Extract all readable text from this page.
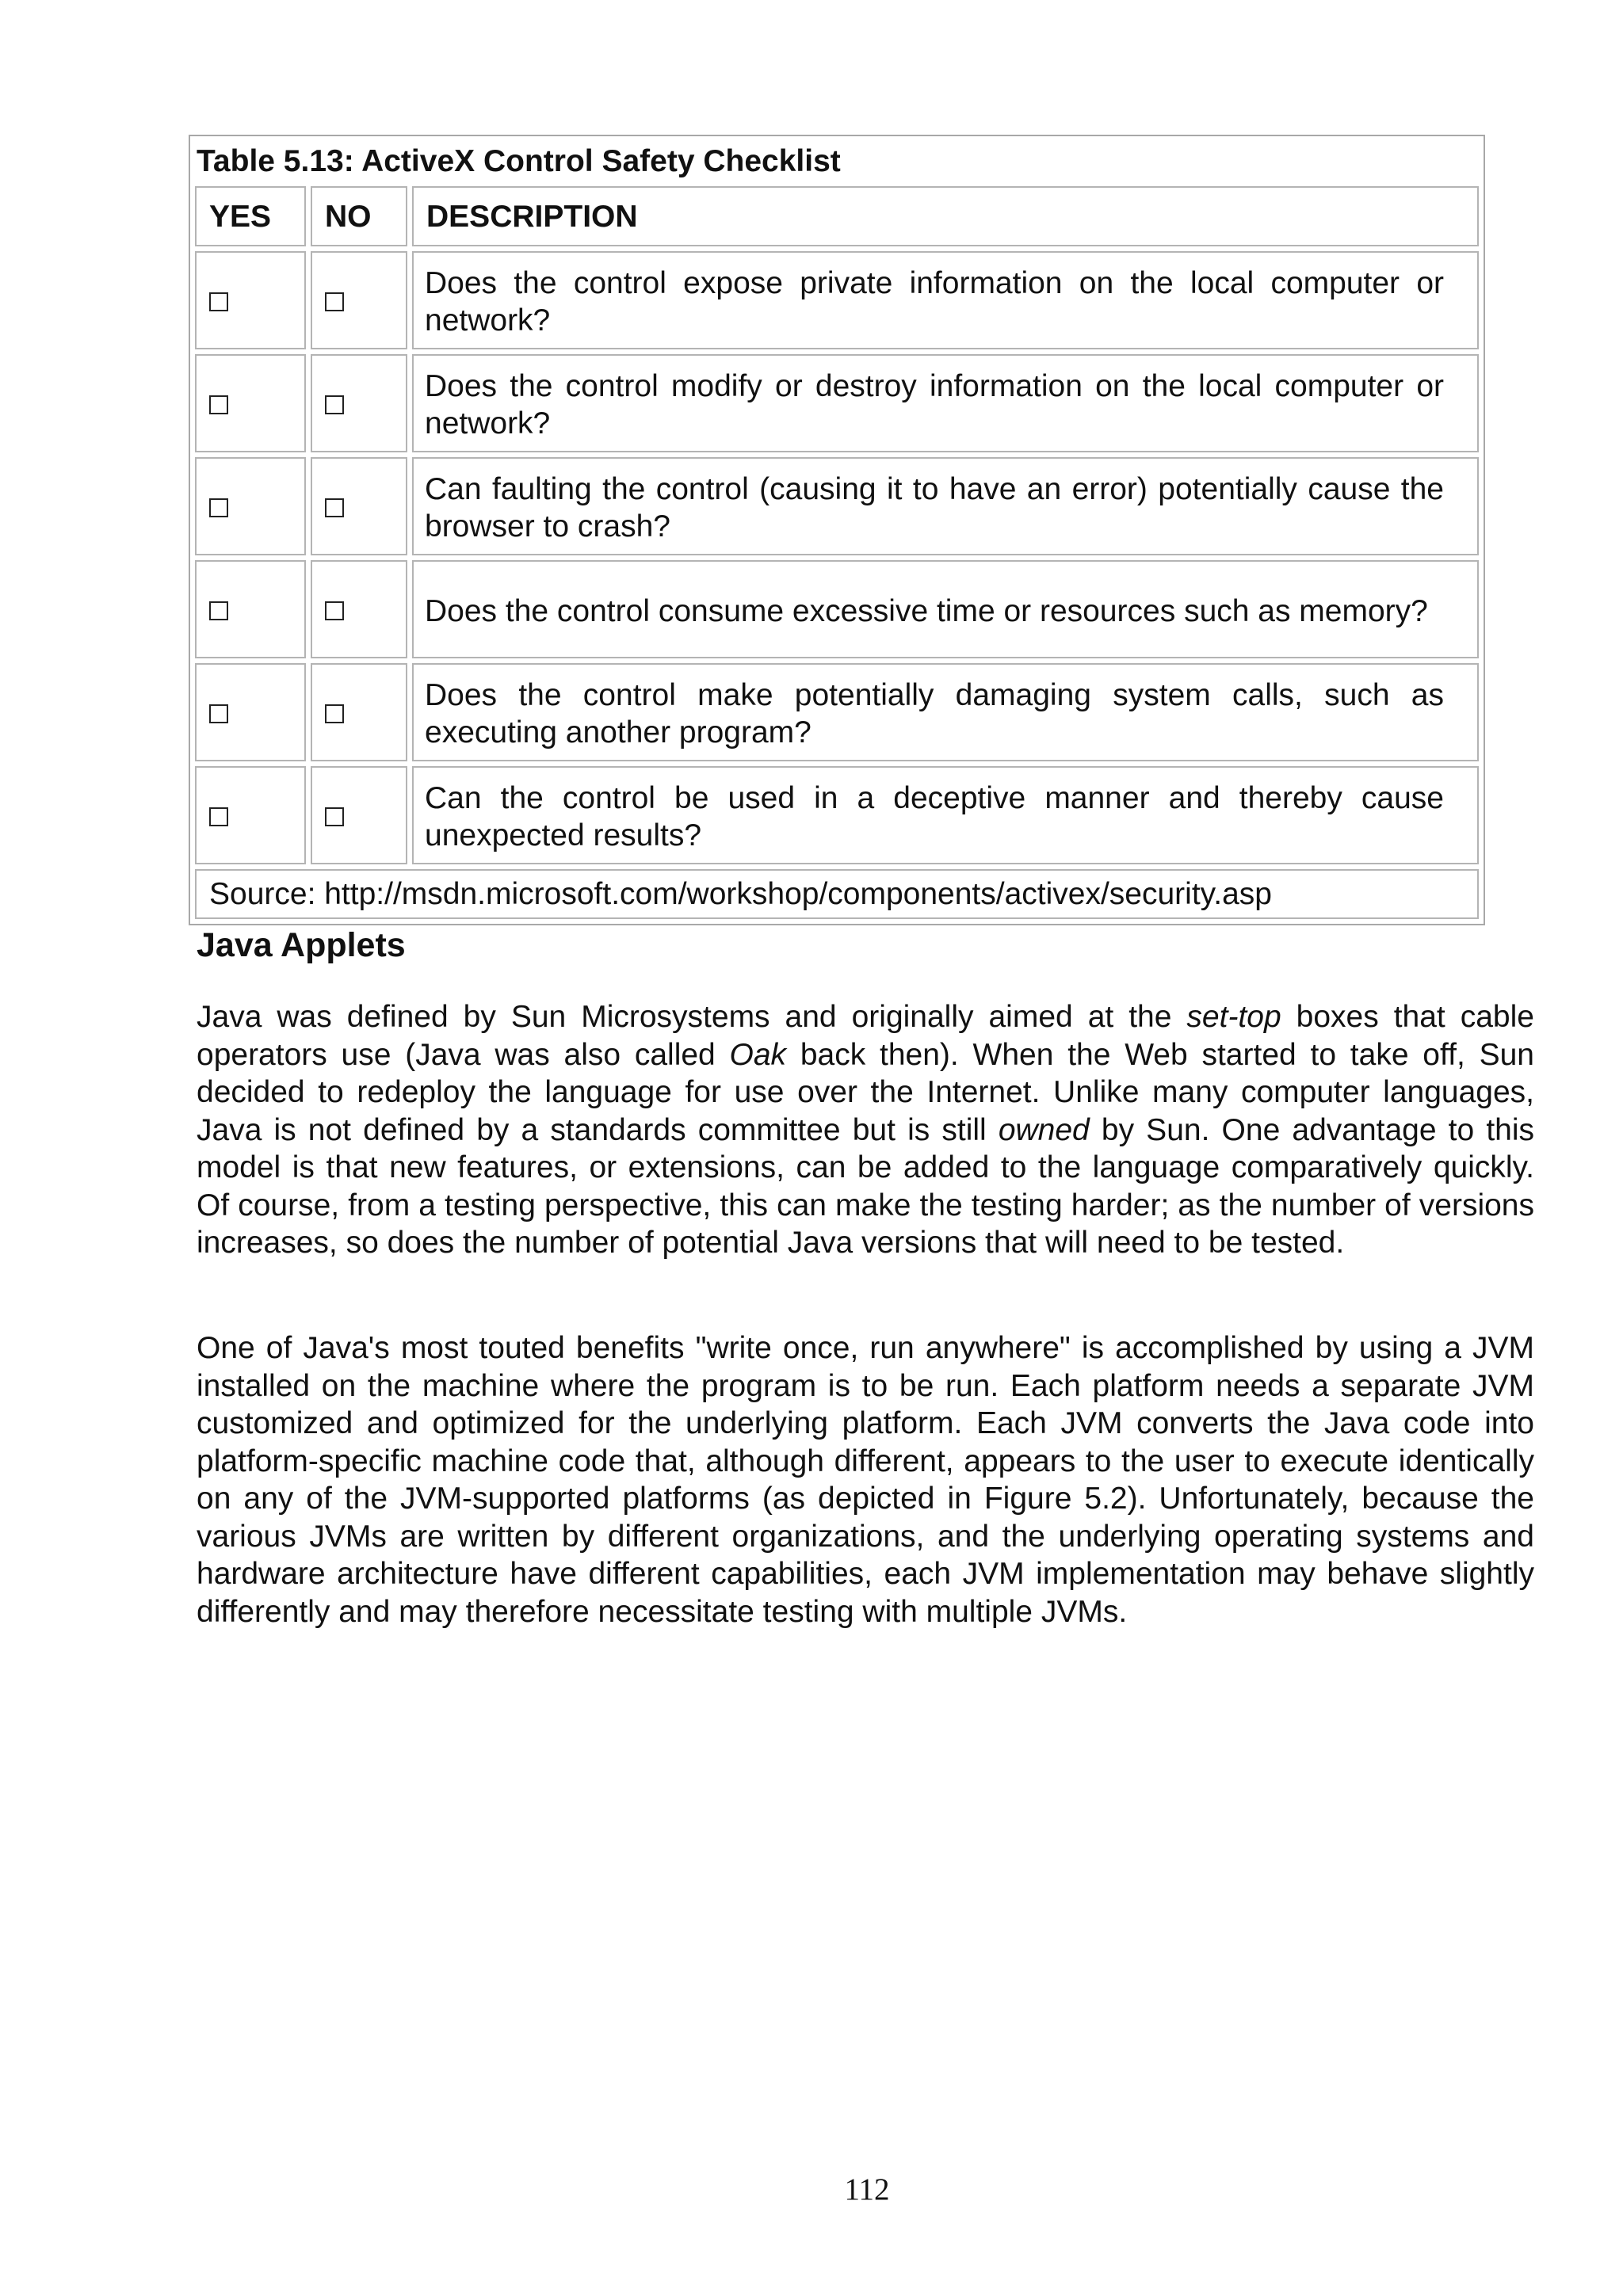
Table 5.13: ActiveX Control Safety Checklist		
YES	NO	DESCRIPTION
		Does the control expose private information on the local computer or network?
		Does the control modify or destroy information on the local computer or network?
		Can faulting the control (causing it to have an error) potentially cause the browser to crash?
		Does the control consume excessive time or resources such as memory?
		Does the control make potentially damaging system calls, such as executing another program?
		Can the control be used in a deceptive manner and thereby cause unexpected results?
Source: http://msdn.microsoft.com/workshop/components/activex/security.asp		
Java Applets

Java was defined by Sun Microsystems and originally aimed at the set-top boxes that cable operators use (Java was also called Oak back then). When the Web started to take off, Sun decided to redeploy the language for use over the Internet. Unlike many computer languages, Java is not defined by a standards committee but is still owned by Sun. One advantage to this model is that new features, or extensions, can be added to the language comparatively quickly. Of course, from a testing perspective, this can make the testing harder; as the number of versions increases, so does the number of potential Java versions that will need to be tested.

One of Java's most touted benefits "write once, run anywhere" is accomplished by using a JVM installed on the machine where the program is to be run. Each platform needs a separate JVM customized and optimized for the underlying platform. Each JVM converts the Java code into platform-specific machine code that, although different, appears to the user to execute identically on any of the JVM-supported platforms (as depicted in Figure 5.2). Unfortunately, because the various JVMs are written by different organizations, and the underlying operating systems and hardware architecture have different capabilities, each JVM implementation may behave slightly differently and may therefore necessitate testing with multiple JVMs.

112
